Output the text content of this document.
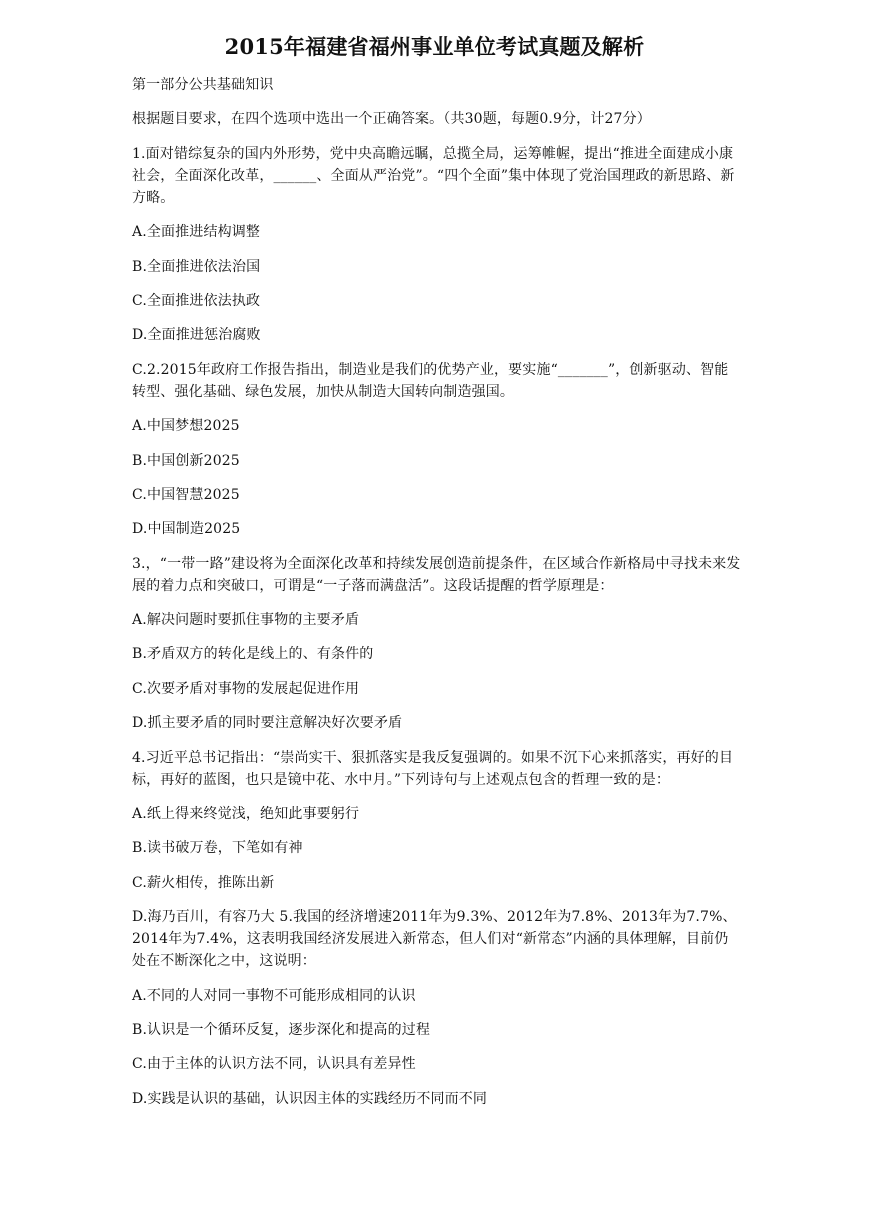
2015年福建省福州事业单位考试真题及解析

第一部分公共基础知识

根据题目要求，在四个选项中选出一个正确答案。（共30题，每题0.9分，计27分）

1.面对错综复杂的国内外形势，党中央高瞻远瞩，总揽全局，运筹帷幄，提出“推进全面建成小康社会，全面深化改革，______、全面从严治党”。“四个全面”集中体现了党治国理政的新思路、新方略。

A.全面推进结构调整

B.全面推进依法治国

C.全面推进依法执政

D.全面推进惩治腐败

C.2.2015年政府工作报告指出，制造业是我们的优势产业，要实施“_______”，创新驱动、智能转型、强化基础、绿色发展，加快从制造大国转向制造强国。

A.中国梦想2025

B.中国创新2025

C.中国智慧2025

D.中国制造2025

3.，“一带一路”建设将为全面深化改革和持续发展创造前提条件，在区域合作新格局中寻找未来发展的着力点和突破口，可谓是“一子落而满盘活”。这段话提醒的哲学原理是：

A.解决问题时要抓住事物的主要矛盾

B.矛盾双方的转化是线上的、有条件的

C.次要矛盾对事物的发展起促进作用

D.抓主要矛盾的同时要注意解决好次要矛盾

4.习近平总书记指出：“崇尚实干、狠抓落实是我反复强调的。如果不沉下心来抓落实，再好的目标，再好的蓝图，也只是镜中花、水中月。”下列诗句与上述观点包含的哲理一致的是：

A.纸上得来终觉浅，绝知此事要躬行

B.读书破万卷，下笔如有神

C.薪火相传，推陈出新

D.海乃百川，有容乃大 5.我国的经济增速2011年为9.3%、2012年为7.8%、2013年为7.7%、2014年为7.4%，这表明我国经济发展进入新常态，但人们对“新常态”内涵的具体理解，目前仍处在不断深化之中，这说明：

A.不同的人对同一事物不可能形成相同的认识

B.认识是一个循环反复，逐步深化和提高的过程

C.由于主体的认识方法不同，认识具有差异性

D.实践是认识的基础，认识因主体的实践经历不同而不同
